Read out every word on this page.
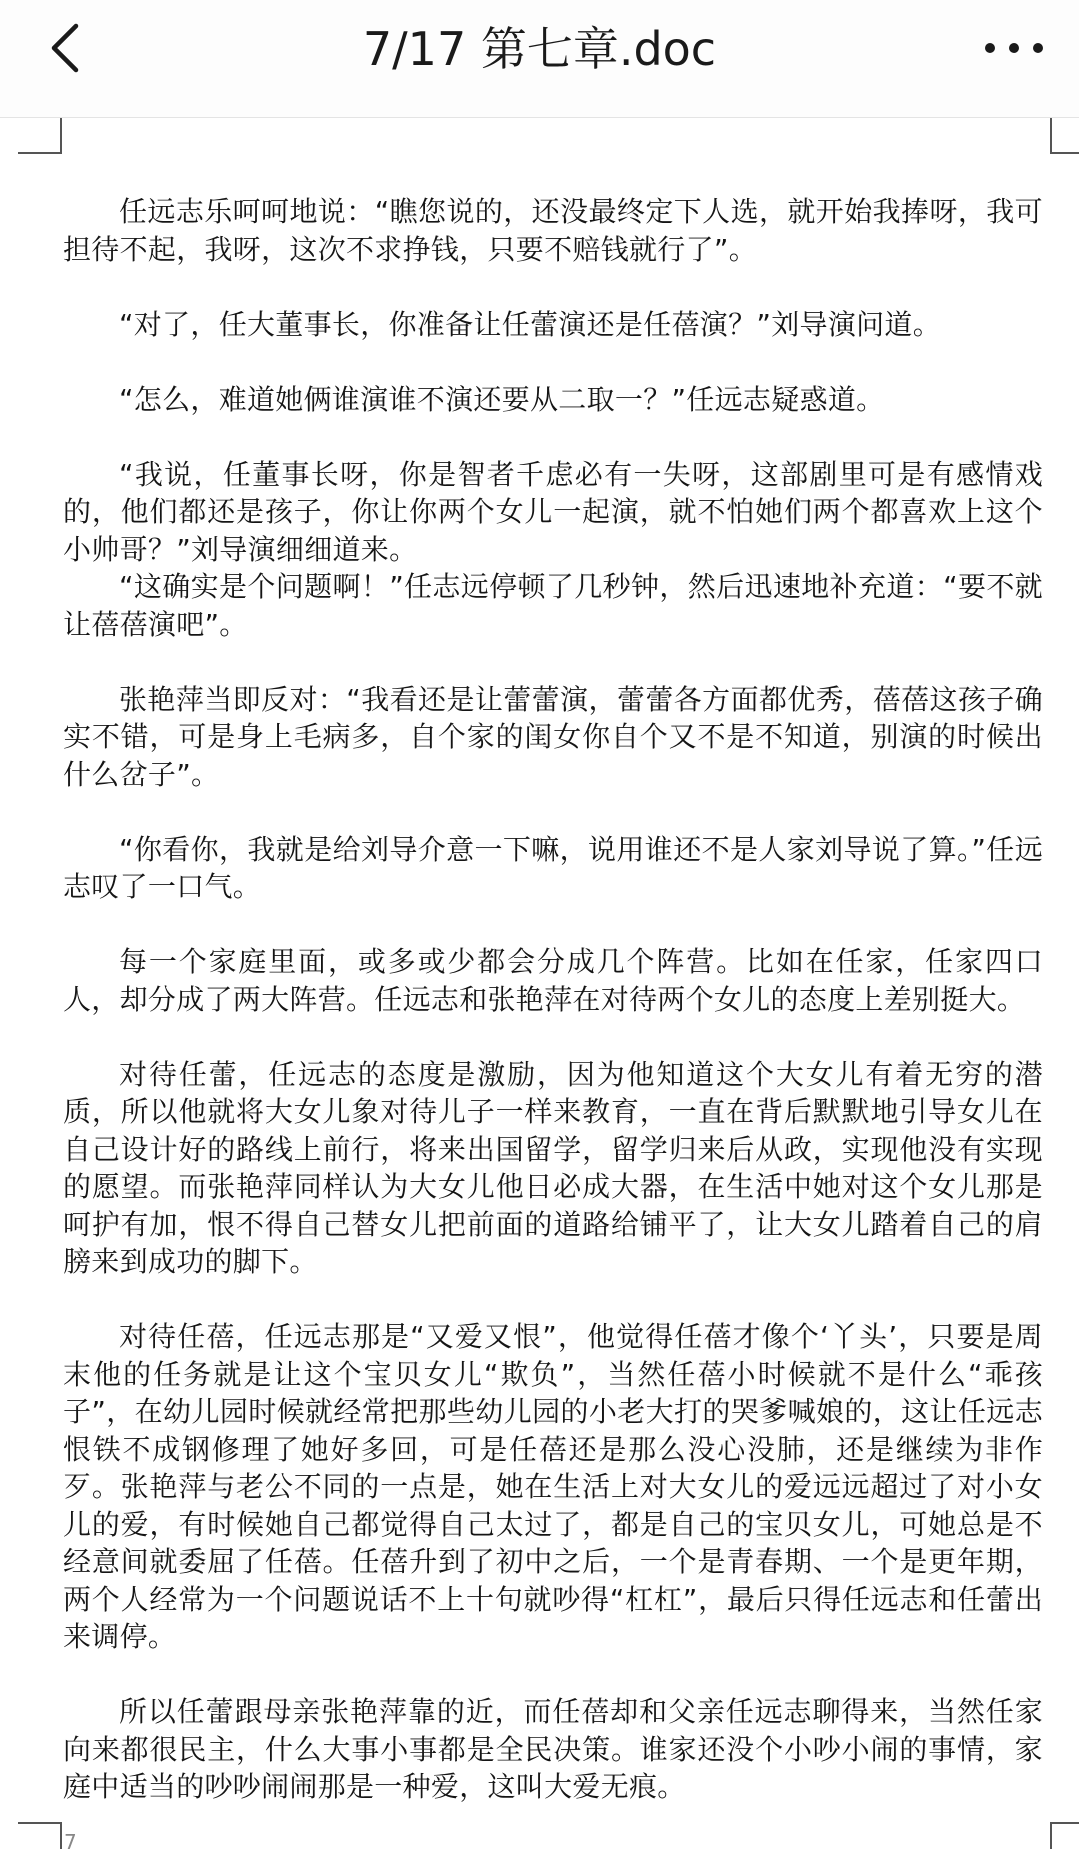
7/17 第七章.doc

任远志乐呵呵地说：“瞧您说的，还没最终定下人选，就开始我捧呀，我可担待不起，我呀，这次不求挣钱，只要不赔钱就行了”。

“对了，任大董事长，你准备让任蕾演还是任蓓演？”刘导演问道。

“怎么，难道她俩谁演谁不演还要从二取一？”任远志疑惑道。

“我说，任董事长呀，你是智者千虑必有一失呀，这部剧里可是有感情戏的，他们都还是孩子，你让你两个女儿一起演，就不怕她们两个都喜欢上这个小帅哥？”刘导演细细道来。

“这确实是个问题啊！”任志远停顿了几秒钟，然后迅速地补充道：“要不就让蓓蓓演吧”。

张艳萍当即反对：“我看还是让蕾蕾演，蕾蕾各方面都优秀，蓓蓓这孩子确实不错，可是身上毛病多，自个家的闺女你自个又不是不知道，别演的时候出什么岔子”。

“你看你，我就是给刘导介意一下嘛，说用谁还不是人家刘导说了算。”任远志叹了一口气。

每一个家庭里面，或多或少都会分成几个阵营。比如在任家，任家四口人，却分成了两大阵营。任远志和张艳萍在对待两个女儿的态度上差别挺大。

对待任蕾，任远志的态度是激励，因为他知道这个大女儿有着无穷的潜质，所以他就将大女儿象对待儿子一样来教育，一直在背后默默地引导女儿在自己设计好的路线上前行，将来出国留学，留学归来后从政，实现他没有实现的愿望。而张艳萍同样认为大女儿他日必成大器，在生活中她对这个女儿那是呵护有加，恨不得自己替女儿把前面的道路给铺平了，让大女儿踏着自己的肩膀来到成功的脚下。

对待任蓓，任远志那是“又爱又恨”，他觉得任蓓才像个‘丫头’，只要是周末他的任务就是让这个宝贝女儿“欺负”，当然任蓓小时候就不是什么“乖孩子”，在幼儿园时候就经常把那些幼儿园的小老大打的哭爹喊娘的，这让任远志恨铁不成钢修理了她好多回，可是任蓓还是那么没心没肺，还是继续为非作歹。张艳萍与老公不同的一点是，她在生活上对大女儿的爱远远超过了对小女儿的爱，有时候她自己都觉得自己太过了，都是自己的宝贝女儿，可她总是不经意间就委屈了任蓓。任蓓升到了初中之后，一个是青春期、一个是更年期，两个人经常为一个问题说话不上十句就吵得“杠杠”，最后只得任远志和任蕾出来调停。

所以任蕾跟母亲张艳萍靠的近，而任蓓却和父亲任远志聊得来，当然任家向来都很民主，什么大事小事都是全民决策。谁家还没个小吵小闹的事情，家庭中适当的吵吵闹闹那是一种爱，这叫大爱无痕。

7
